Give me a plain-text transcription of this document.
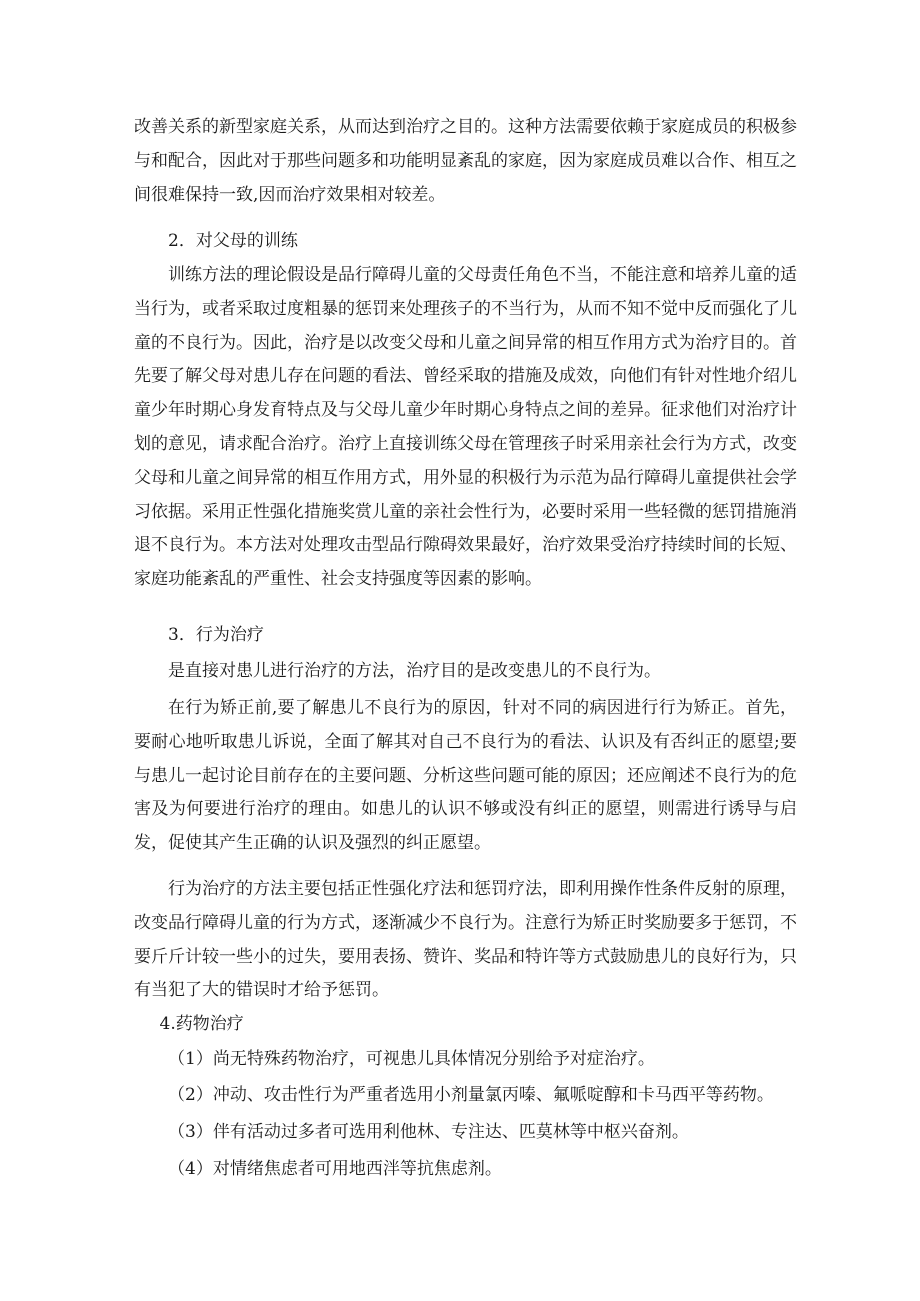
改善关系的新型家庭关系，从而达到治疗之目的。这种方法需要依赖于家庭成员的积极参与和配合，因此对于那些问题多和功能明显紊乱的家庭，因为家庭成员难以合作、相互之间很难保持一致,因而治疗效果相对较差。

2．对父母的训练

训练方法的理论假设是品行障碍儿童的父母责任角色不当，不能注意和培养儿童的适当行为，或者采取过度粗暴的惩罚来处理孩子的不当行为，从而不知不觉中反而强化了儿童的不良行为。因此，治疗是以改变父母和儿童之间异常的相互作用方式为治疗目的。首先要了解父母对患儿存在问题的看法、曾经采取的措施及成效，向他们有针对性地介绍儿童少年时期心身发育特点及与父母儿童少年时期心身特点之间的差异。征求他们对治疗计划的意见，请求配合治疗。治疗上直接训练父母在管理孩子时采用亲社会行为方式，改变父母和儿童之间异常的相互作用方式，用外显的积极行为示范为品行障碍儿童提供社会学习依据。采用正性强化措施奖赏儿童的亲社会性行为，必要时采用一些轻微的惩罚措施消退不良行为。本方法对处理攻击型品行隙碍效果最好，治疗效果受治疗持续时间的长短、家庭功能紊乱的严重性、社会支持强度等因素的影响。

3．行为治疗

是直接对患儿进行治疗的方法，治疗目的是改变患儿的不良行为。

在行为矫正前,要了解患儿不良行为的原因，针对不同的病因进行行为矫正。首先，要耐心地听取患儿诉说，全面了解其对自己不良行为的看法、认识及有否纠正的愿望;要与患儿一起讨论目前存在的主要问题、分析这些问题可能的原因；还应阐述不良行为的危害及为何要进行治疗的理由。如患儿的认识不够或没有纠正的愿望，则需进行诱导与启发，促使其产生正确的认识及强烈的纠正愿望。

行为治疗的方法主要包括正性强化疗法和惩罚疗法，即利用操作性条件反射的原理，改变品行障碍儿童的行为方式，逐渐减少不良行为。注意行为矫正时奖励要多于惩罚，不要斤斤计较一些小的过失，要用表扬、赞许、奖品和特许等方式鼓励患儿的良好行为，只有当犯了大的错误时才给予惩罚。

4.药物治疗

（1）尚无特殊药物治疗，可视患儿具体情况分别给予对症治疗。

（2）冲动、攻击性行为严重者选用小剂量氯丙嗪、氟哌啶醇和卡马西平等药物。

（3）伴有活动过多者可选用利他林、专注达、匹莫林等中枢兴奋剂。

（4）对情绪焦虑者可用地西泮等抗焦虑剂。
